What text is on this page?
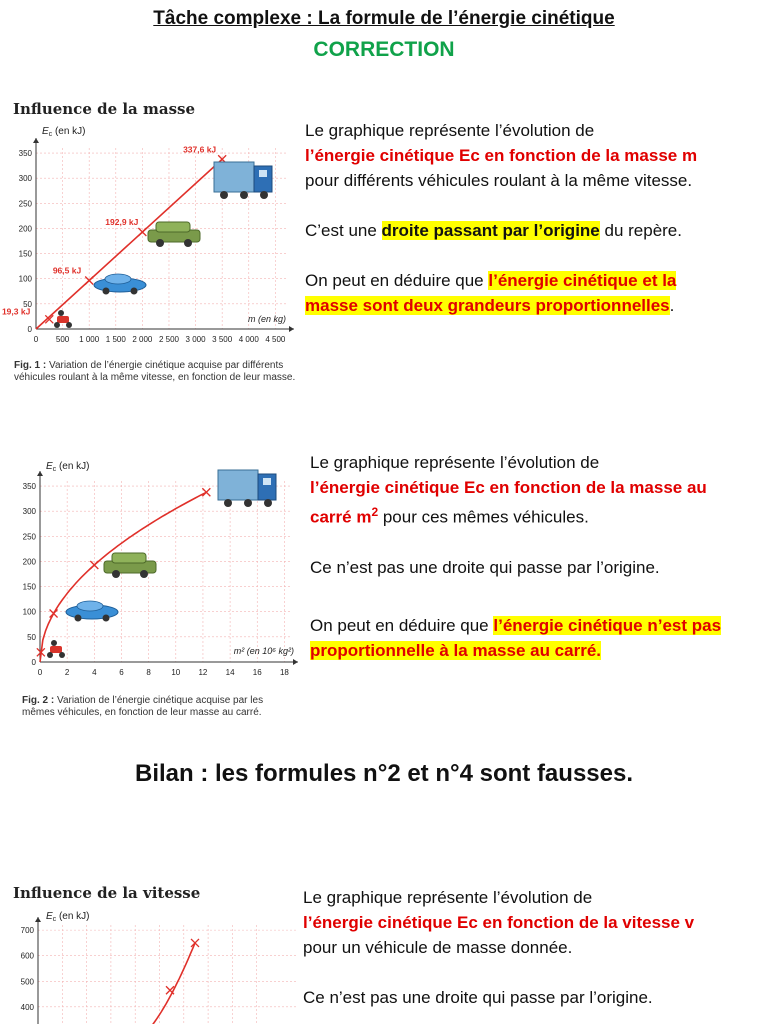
Tâche complexe : La formule de l’énergie cinétique
CORRECTION
Influence de la masse
0 500 1 000 1 500 2 000 2 500 3 000 3 500 4 000 4 500
0
50
100
150
200
250
300
350
$E_c$ (en kJ)
m (en kg)
19,3 kJ
96,5 kJ
192,9 kJ
337,6 kJ
Fig. 1 : Variation de l’énergie cinétique acquise par différents véhicules roulant à la même vitesse, en fonction de leur masse.
Le graphique représente l’évolution de
l’énergie cinétique Ec en fonction de la masse m
pour différents véhicules roulant à la même vitesse.
C’est une droite passant par l’origine du repère.
On peut en déduire que l’énergie cinétique et la
masse sont deux grandeurs proportionnelles.
0	2	4	6	8	10 12 14 16 18
0
50
100
150
200
250
300
350
$E_c$ (en kJ)
m² (en 10⁶ kg²)
Fig. 2 : Variation de l’énergie cinétique acquise par les mêmes véhicules, en fonction de leur masse au carré.
Le graphique représente l’évolution de
l’énergie cinétique Ec en fonction de la masse au
carré $m^2$ pour ces mêmes véhicules.
Ce n’est pas une droite qui passe par l’origine.
On peut en déduire que l’énergie cinétique n’est pas
proportionnelle à la masse au carré.
Bilan : les formules n°2 et n°4 sont fausses.
Influence de la vitesse
400
500
600
700
$E_c$ (en kJ)
Le graphique représente l’évolution de
l’énergie cinétique Ec en fonction de la vitesse v
pour un véhicule de masse donnée.
Ce n’est pas une droite qui passe par l’origine.
